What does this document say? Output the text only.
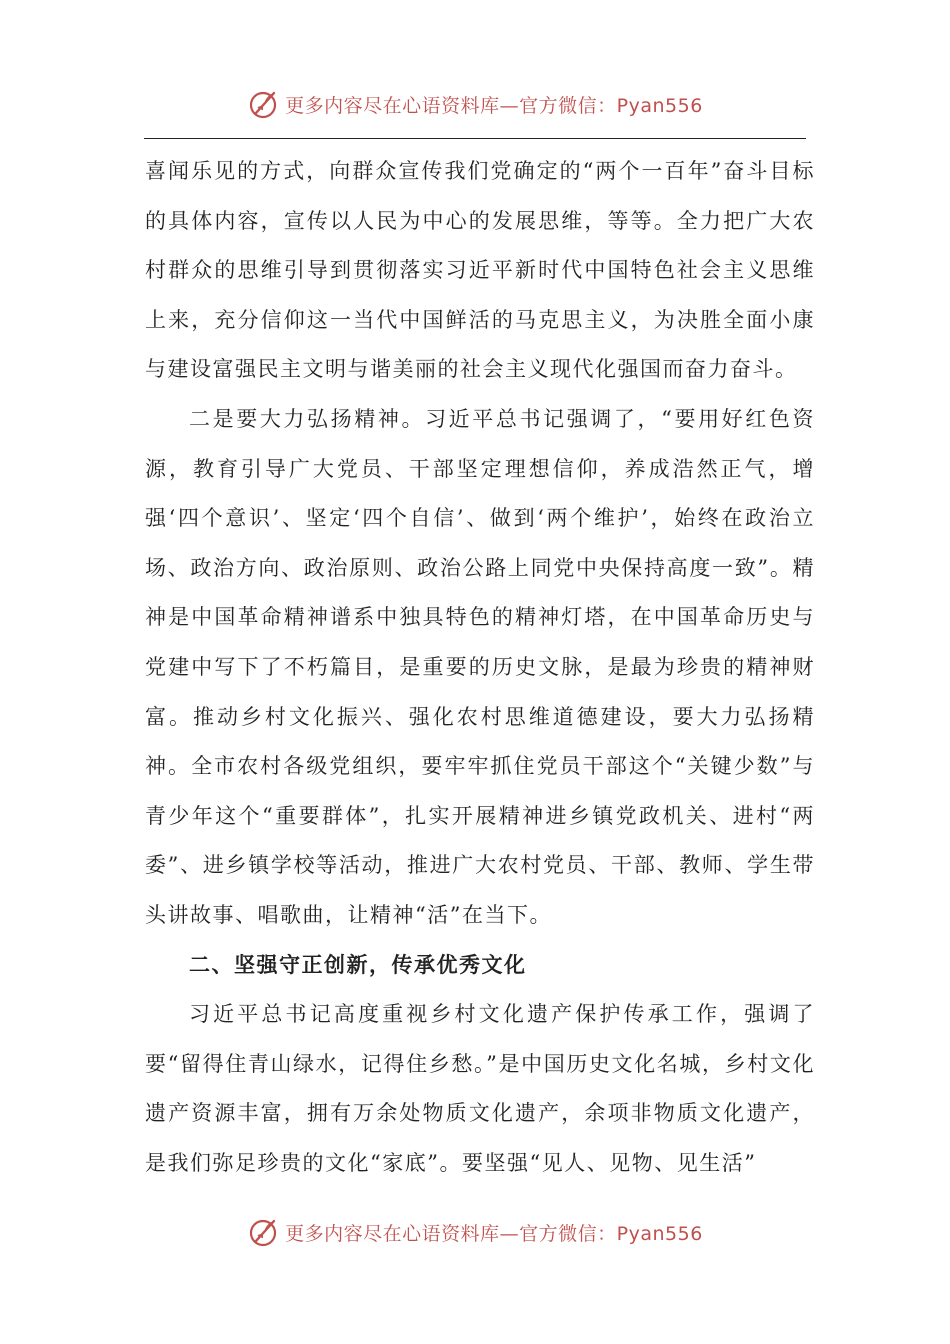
更多内容尽在心语资料库—官方微信：Pyan556

喜闻乐见的方式，向群众宣传我们党确定的“两个一百年”奋斗目标的具体内容，宣传以人民为中心的发展思维，等等。全力把广大农村群众的思维引导到贯彻落实习近平新时代中国特色社会主义思维上来，充分信仰这一当代中国鲜活的马克思主义，为决胜全面小康与建设富强民主文明与谐美丽的社会主义现代化强国而奋力奋斗。

二是要大力弘扬精神。习近平总书记强调了，“要用好红色资源，教育引导广大党员、干部坚定理想信仰，养成浩然正气，增强‘四个意识’、坚定‘四个自信’、做到‘两个维护’，始终在政治立场、政治方向、政治原则、政治公路上同党中央保持高度一致”。精神是中国革命精神谱系中独具特色的精神灯塔，在中国革命历史与党建中写下了不朽篇目，是重要的历史文脉，是最为珍贵的精神财富。推动乡村文化振兴、强化农村思维道德建设，要大力弘扬精神。全市农村各级党组织，要牢牢抓住党员干部这个“关键少数”与青少年这个“重要群体”，扎实开展精神进乡镇党政机关、进村“两委”、进乡镇学校等活动，推进广大农村党员、干部、教师、学生带头讲故事、唱歌曲，让精神“活”在当下。

二、坚强守正创新，传承优秀文化

习近平总书记高度重视乡村文化遗产保护传承工作，强调了要“留得住青山绿水，记得住乡愁。”是中国历史文化名城，乡村文化遗产资源丰富，拥有万余处物质文化遗产，余项非物质文化遗产，是我们弥足珍贵的文化“家底”。要坚强“见人、见物、见生活”

更多内容尽在心语资料库—官方微信：Pyan556
